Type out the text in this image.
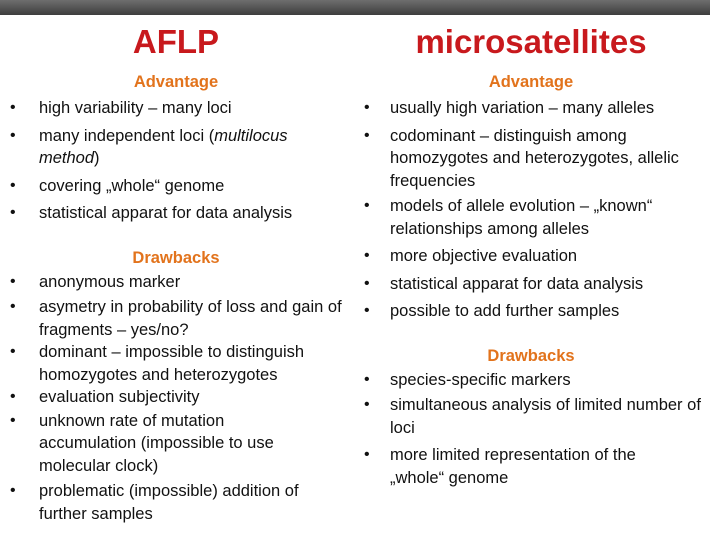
AFLP
Advantage
• high variability – many loci
• many independent loci (multilocus method)
• covering „whole“ genome
• statistical apparat for data analysis
Drawbacks
• anonymous marker
• asymetry in probability of loss and gain of fragments – yes/no?
• dominant – impossible to distinguish homozygotes and heterozygotes
• evaluation subjectivity
• unknown rate of mutation accumulation (impossible to use molecular clock)
• problematic (impossible) addition of further samples
microsatellites
Advantage
• usually high variation – many alleles
• codominant – distinguish among homozygotes and heterozygotes, allelic frequencies
• models of allele evolution – „known“ relationships among alleles
• more objective evaluation
• statistical apparat for data analysis
• possible to add further samples
Drawbacks
• species-specific markers
• simultaneous analysis of limited number of loci
• more limited representation of the „whole“ genome
